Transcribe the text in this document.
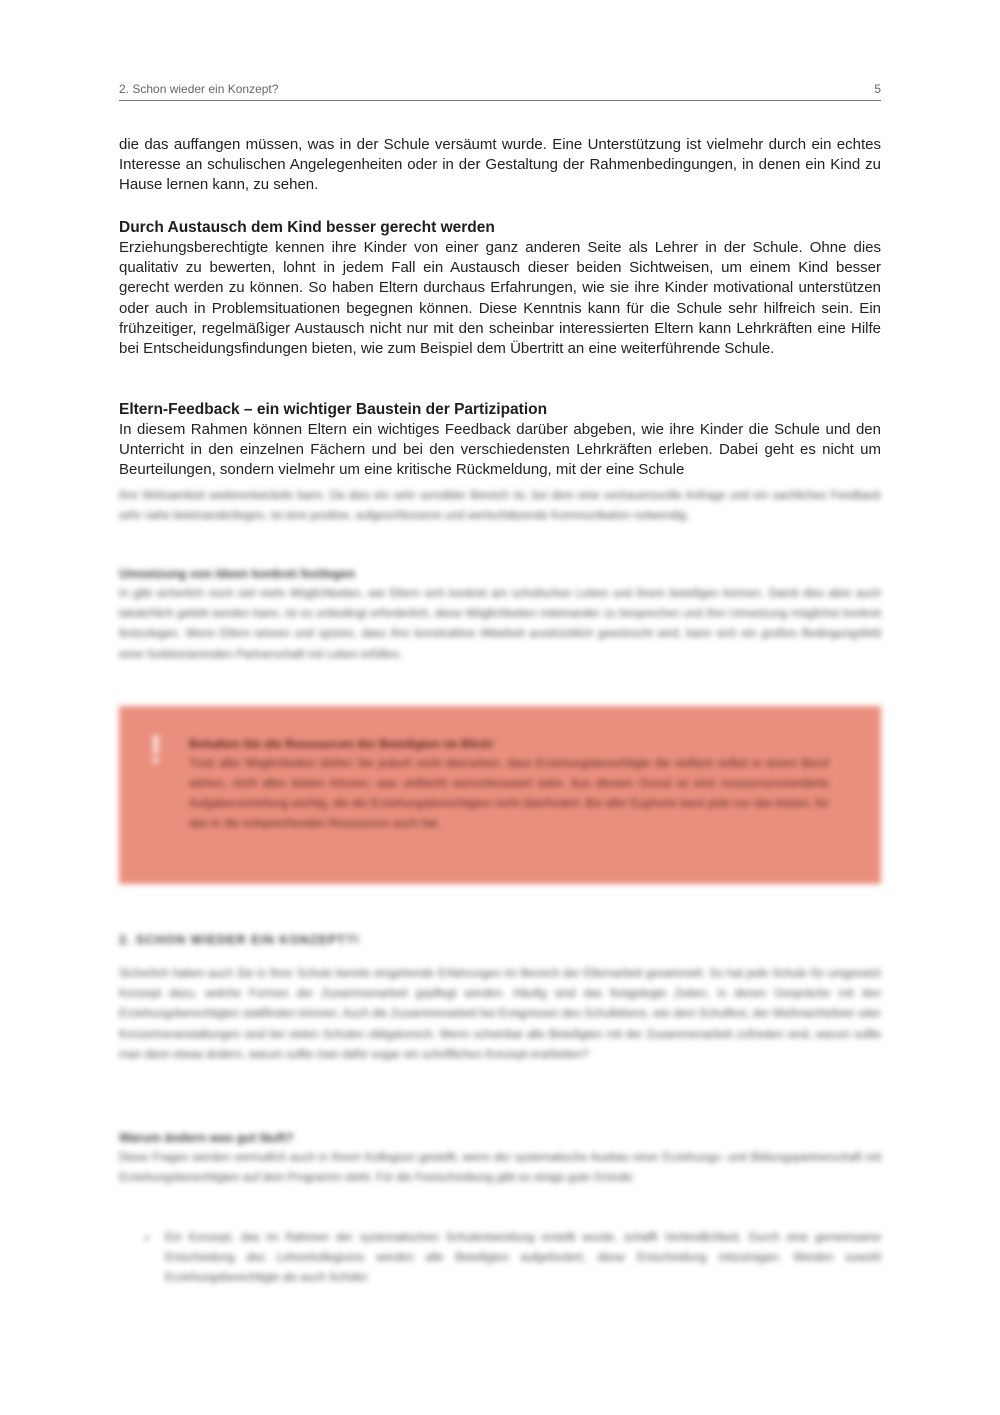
2. Schon wieder ein Konzept?	5

die das auffangen müssen, was in der Schule versäumt wurde. Eine Unterstützung ist vielmehr durch ein echtes Interesse an schulischen Angelegenheiten oder in der Gestaltung der Rahmenbedingungen, in denen ein Kind zu Hause lernen kann, zu sehen.

Durch Austausch dem Kind besser gerecht werden

Erziehungsberechtigte kennen ihre Kinder von einer ganz anderen Seite als Lehrer in der Schule. Ohne dies qualitativ zu bewerten, lohnt in jedem Fall ein Austausch dieser beiden Sichtweisen, um einem Kind besser gerecht werden zu können. So haben Eltern durchaus Erfahrungen, wie sie ihre Kinder motivational unterstützen oder auch in Problemsituationen begegnen können. Diese Kenntnis kann für die Schule sehr hilfreich sein. Ein frühzeitiger, regelmäßiger Austausch nicht nur mit den scheinbar interessierten Eltern kann Lehrkräften eine Hilfe bei Entscheidungsfindungen bieten, wie zum Beispiel dem Übertritt an eine weiterführende Schule.

Eltern-Feedback – ein wichtiger Baustein der Partizipation

In diesem Rahmen können Eltern ein wichtiges Feedback darüber abgeben, wie ihre Kinder die Schule und den Unterricht in den einzelnen Fächern und bei den verschiedensten Lehrkräften erleben. Dabei geht es nicht um Beurteilungen, sondern vielmehr um eine kritische Rückmeldung, mit der eine Schule

ihre Wirksamkeit weiterentwickeln kann. Da dies ein sehr sensibler Bereich ist, bei dem eine vertrauensvolle Anfrage und ein sachliches Feedback sehr nahe beieinanderliegen, ist eine positive, aufgeschlossene und wertschätzende Kommunikation notwendig.

Umsetzung von Ideen konkret festlegen

In gibt sicherlich noch viel mehr Möglichkeiten, wie Eltern sich konkret am schulischen Leben und ihrem beteiligen können. Damit dies aber auch tatsächlich gelebt werden kann, ist es unbedingt erforderlich, diese Möglichkeiten miteinander zu besprechen und ihre Umsetzung möglichst konkret festzulegen. Wenn Eltern wissen und spüren, dass ihre konstruktive Mitarbeit ausdrücklich gewünscht wird, kann sich ein großes Bedingungsfeld einer funktionierenden Partnerschaft mit Leben erfüllen.

! Behalten Sie die Ressourcen der Beteiligten im Blick!

Trotz aller Möglichkeiten dürfen Sie jedoch nicht übersehen, dass Erziehungsberechtigte die vielfach selbst in einem Beruf stehen, nicht alles leisten können, was vielleicht wünschenswert wäre. Aus diesem Grund ist eine ressourcenorientierte Aufgabenverteilung wichtig, die die Erziehungsberechtigten nicht überfordert. Bei aller Euphorie kann jede nur das leisten, für das er die entsprechenden Ressourcen auch hat.

2. SCHON WIEDER EIN KONZEPT?!

Sicherlich haben auch Sie in Ihrer Schule bereits eingehende Erfahrungen im Bereich der Elternarbeit gesammelt. So hat jede Schule für umgesetzt Konzept dazu, welche Formen der Zusammenarbeit gepflegt werden. Häufig sind das festgelegte Zeiten, in denen Gespräche mit den Erziehungsberechtigten stattfinden können. Auch die Zusammenarbeit bei Ereignissen des Schullebens, wie dem Schulfest, der Weihnachtsfeier oder Konzertveranstaltungen sind bei vielen Schulen obligatorisch. Wenn scheinbar alle Beteiligten mit der Zusammenarbeit zufrieden sind, warum sollte man dann etwas ändern, warum sollte man dafür sogar ein schriftliches Konzept erarbeiten?

Warum ändern was gut läuft?

Diese Fragen werden vermutlich auch in Ihrem Kollegium gestellt, wenn der systematische Ausbau einer Erziehungs- und Bildungspartnerschaft mit Erziehungsberechtigten auf dem Programm steht. Für die Festschreibung gibt es einige gute Gründe:

• Ein Konzept, das im Rahmen der systematischen Schulentwicklung erstellt wurde, schafft Verbindlichkeit. Durch eine gemeinsame Entscheidung des Lehrerkollegiums werden alle Beteiligten aufgefordert, diese Entscheidung mitzutragen. Werden sowohl Erziehungsberechtigte als auch Schüler
